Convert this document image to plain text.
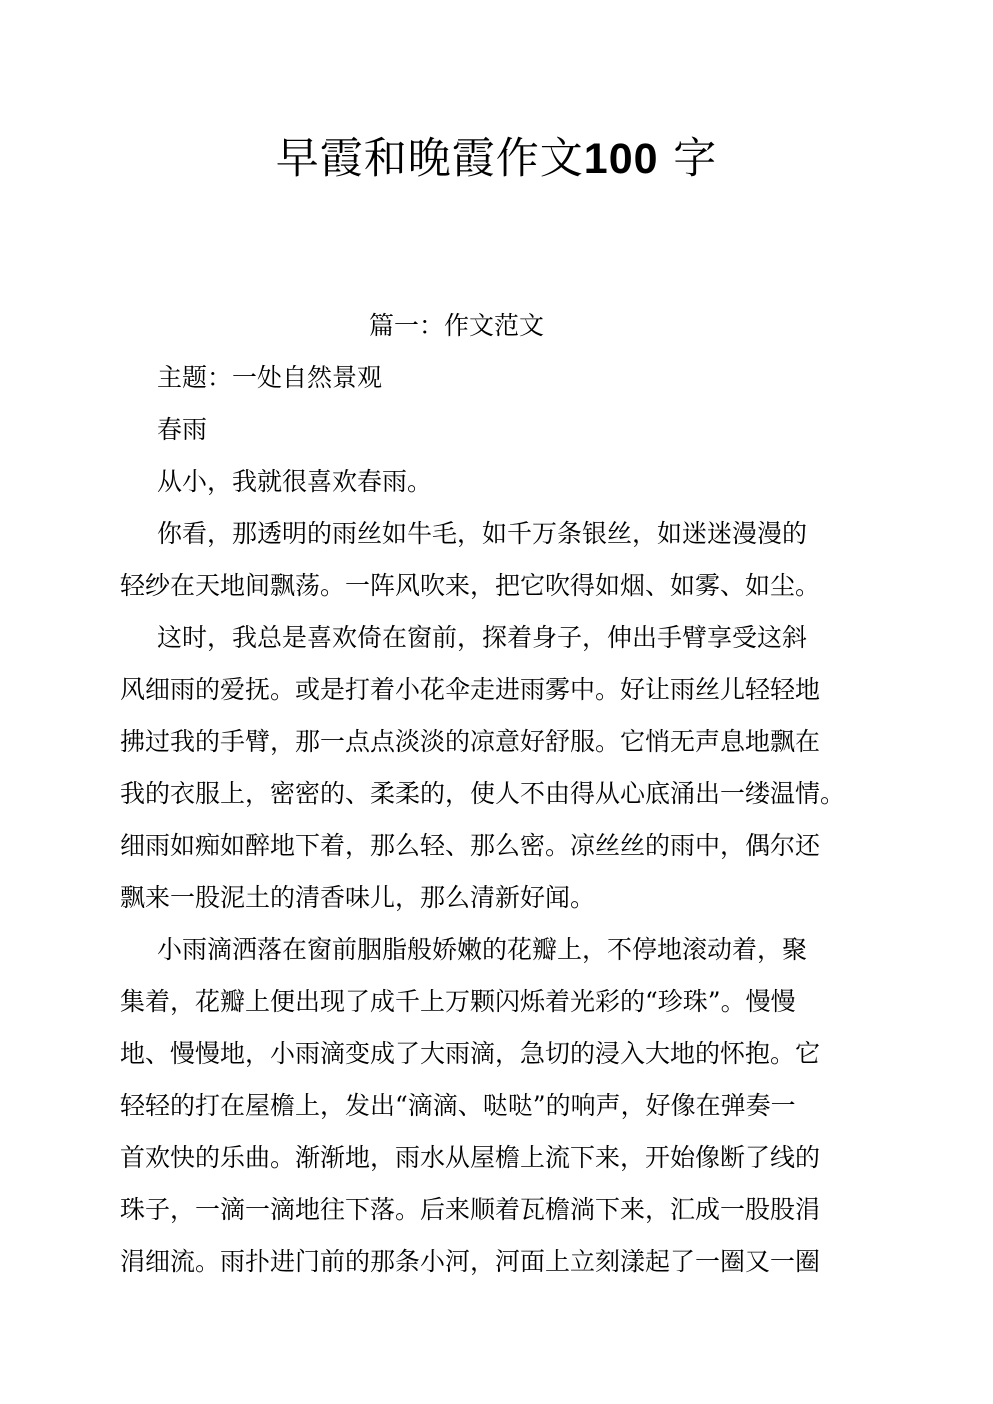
早霞和晚霞作文100 字
篇一：作文范文
主题：一处自然景观
春雨
从小，我就很喜欢春雨。
你看，那透明的雨丝如牛毛，如千万条银丝，如迷迷漫漫的
轻纱在天地间飘荡。一阵风吹来，把它吹得如烟、如雾、如尘。
这时，我总是喜欢倚在窗前，探着身子，伸出手臂享受这斜
风细雨的爱抚。或是打着小花伞走进雨雾中。好让雨丝儿轻轻地
拂过我的手臂，那一点点淡淡的凉意好舒服。它悄无声息地飘在
我的衣服上，密密的、柔柔的，使人不由得从心底涌出一缕温情。
细雨如痴如醉地下着，那么轻、那么密。凉丝丝的雨中，偶尔还
飘来一股泥土的清香味儿，那么清新好闻。
小雨滴洒落在窗前胭脂般娇嫩的花瓣上，不停地滚动着，聚
集着，花瓣上便出现了成千上万颗闪烁着光彩的“珍珠”。慢慢
地、慢慢地，小雨滴变成了大雨滴，急切的浸入大地的怀抱。它
轻轻的打在屋檐上，发出“滴滴、哒哒”的响声，好像在弹奏一
首欢快的乐曲。渐渐地，雨水从屋檐上流下来，开始像断了线的
珠子，一滴一滴地往下落。后来顺着瓦檐淌下来，汇成一股股涓
涓细流。雨扑进门前的那条小河，河面上立刻漾起了一圈又一圈
